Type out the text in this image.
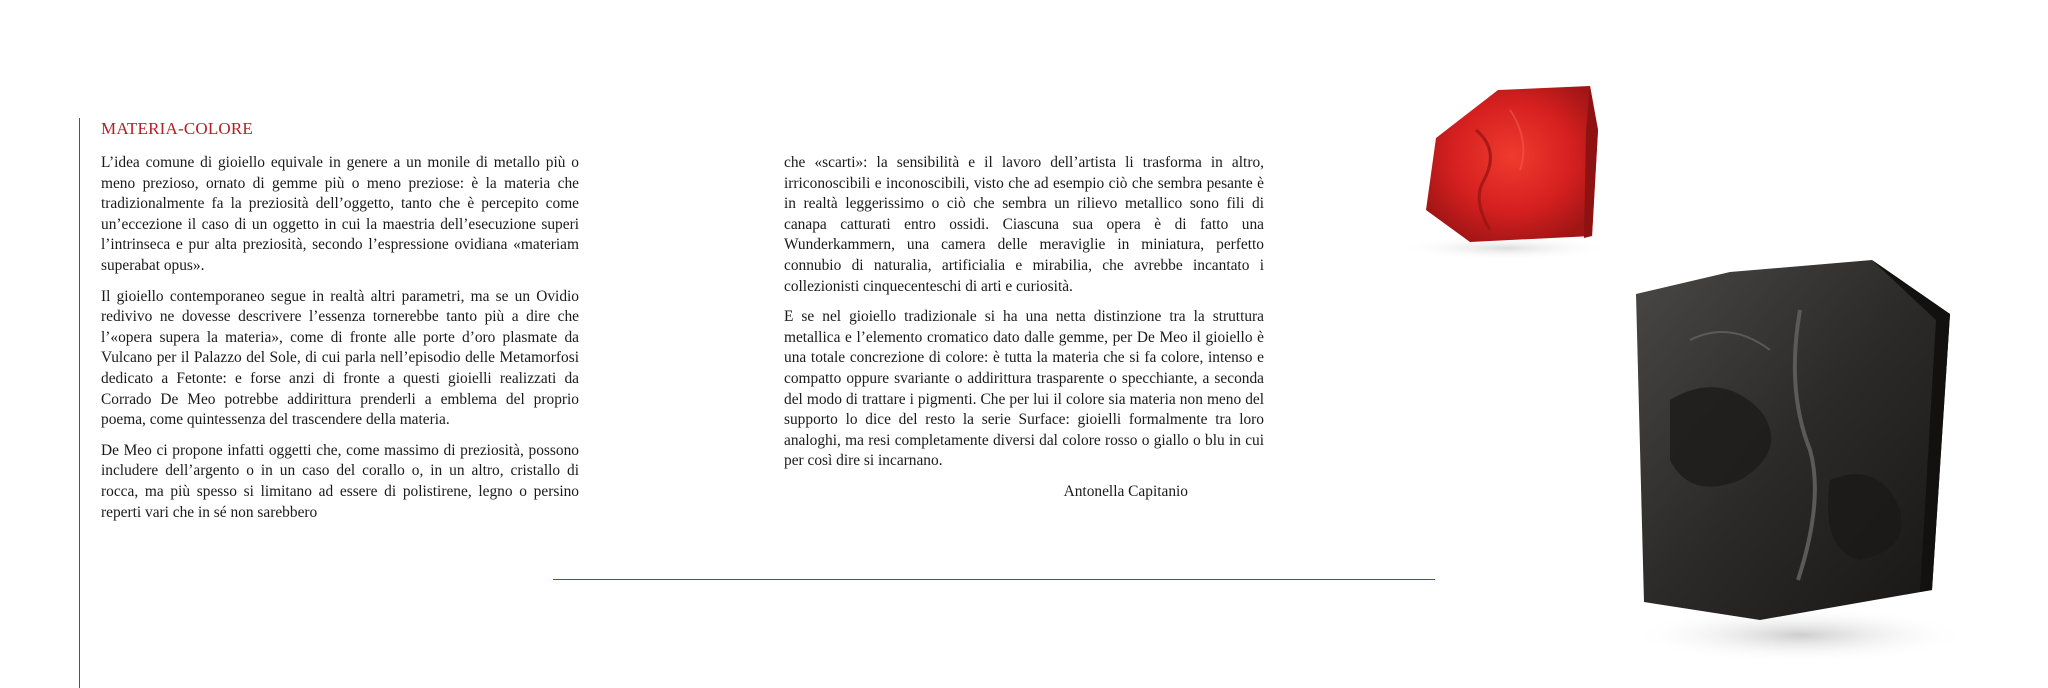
MATERIA-COLORE

L’idea comune di gioiello equivale in genere a un monile di metallo più o meno prezioso, ornato di gemme più o meno preziose: è la materia che tradizionalmente fa la preziosità dell’oggetto, tanto che è percepito come un’eccezione il caso di un oggetto in cui la maestria dell’esecuzione superi l’intrinseca e pur alta preziosità, secondo l’espressione ovidiana «materiam superabat opus».

Il gioiello contemporaneo segue in realtà altri parametri, ma se un Ovidio redivivo ne dovesse descrivere l’essenza tornerebbe tanto più a dire che l’«opera supera la materia», come di fronte alle porte d’oro plasmate da Vulcano per il Palazzo del Sole, di cui parla nell’episodio delle Metamorfosi dedicato a Fetonte: e forse anzi di fronte a questi gioielli realizzati da Corrado De Meo potrebbe addirittura prenderli a emblema del proprio poema, come quintessenza del trascendere della materia.

De Meo ci propone infatti oggetti che, come massimo di preziosità, possono includere dell’argento o in un caso del corallo o, in un altro, cristallo di rocca, ma più spesso si limitano ad essere di polistirene, legno o persino reperti vari che in sé non sarebbero

che «scarti»: la sensibilità e il lavoro dell’artista li trasforma in altro, irriconoscibili e inconoscibili, visto che ad esempio ciò che sembra pesante è in realtà leggerissimo o ciò che sembra un rilievo metallico sono fili di canapa catturati entro ossidi. Ciascuna sua opera è di fatto una Wunderkammern, una camera delle meraviglie in miniatura, perfetto connubio di naturalia, artificialia e mirabilia, che avrebbe incantato i collezionisti cinquecenteschi di arti e curiosità.

E se nel gioiello tradizionale si ha una netta distinzione tra la struttura metallica e l’elemento cromatico dato dalle gemme, per De Meo il gioiello è una totale concrezione di colore: è tutta la materia che si fa colore, intenso e compatto oppure svariante o addirittura trasparente o specchiante, a seconda del modo di trattare i pigmenti. Che per lui il colore sia materia non meno del supporto lo dice del resto la serie Surface: gioielli formalmente tra loro analoghi, ma resi completamente diversi dal colore rosso o giallo o blu in cui per così dire si incarnano.

Antonella Capitanio
